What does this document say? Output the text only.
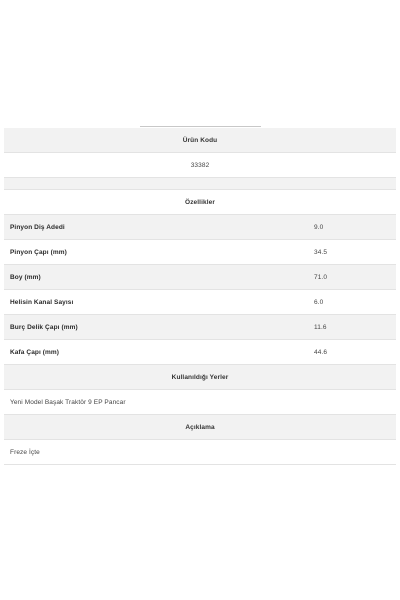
Ürün Kodu
33382
Özellikler
Pinyon Diş Adedi	9.0
Pinyon Çapı (mm)	34.5
Boy (mm)	71.0
Helisin Kanal Sayısı	6.0
Burç Delik Çapı (mm)	11.6
Kafa Çapı (mm)	44.6
Kullanıldığı Yerler
Yeni Model Başak Traktör 9 EP Pancar
Açıklama
Freze İçte
